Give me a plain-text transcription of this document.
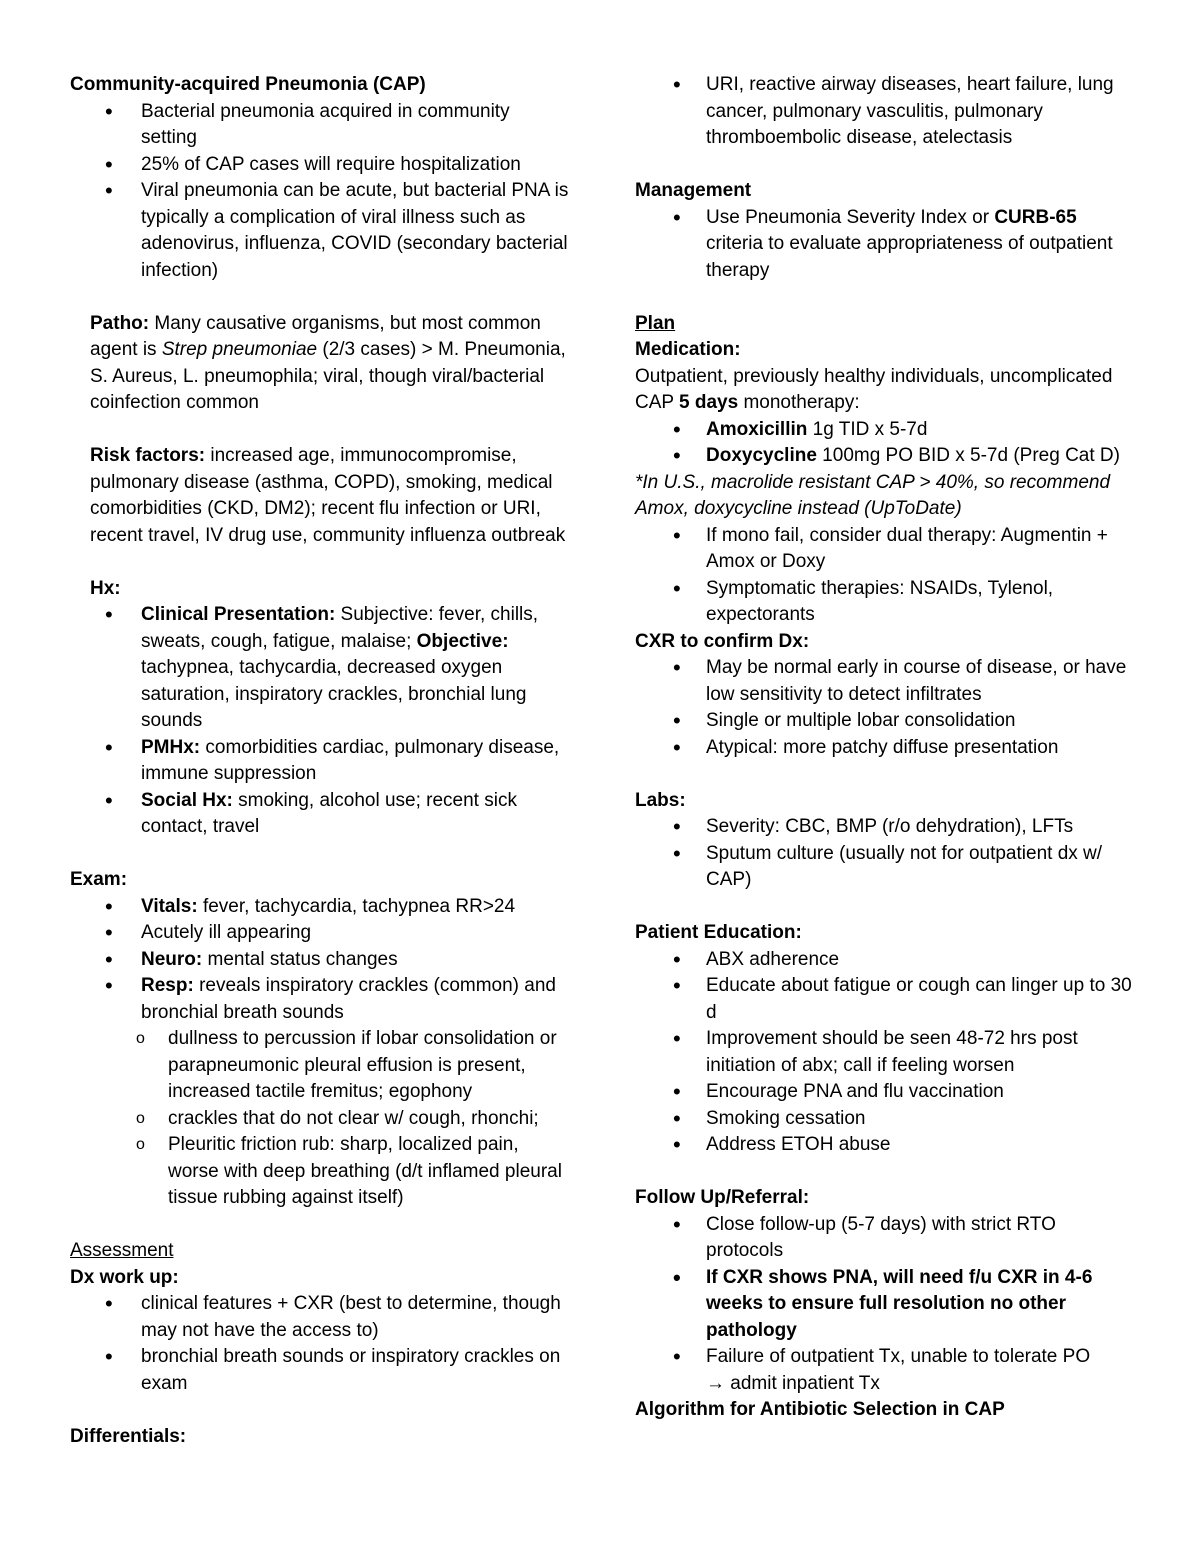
Community-acquired Pneumonia (CAP)

• Bacterial pneumonia acquired in community setting
• 25% of CAP cases will require hospitalization
• Viral pneumonia can be acute, but bacterial PNA is typically a complication of viral illness such as adenovirus, influenza, COVID (secondary bacterial infection)

Patho: Many causative organisms, but most common agent is Strep pneumoniae (2/3 cases) > M. Pneumonia, S. Aureus, L. pneumophila; viral, though viral/bacterial coinfection common

Risk factors: increased age, immunocompromise, pulmonary disease (asthma, COPD), smoking, medical comorbidities (CKD, DM2); recent flu infection or URI, recent travel, IV drug use, community influenza outbreak

Hx:

• Clinical Presentation: Subjective: fever, chills, sweats, cough, fatigue, malaise; Objective: tachypnea, tachycardia, decreased oxygen saturation, inspiratory crackles, bronchial lung sounds
• PMHx: comorbidities cardiac, pulmonary disease, immune suppression
• Social Hx: smoking, alcohol use; recent sick contact, travel

Exam:

• Vitals: fever, tachycardia, tachypnea RR>24
• Acutely ill appearing
• Neuro: mental status changes
• Resp: reveals inspiratory crackles (common) and bronchial breath sounds
o dullness to percussion if lobar consolidation or parapneumonic pleural effusion is present, increased tactile fremitus; egophony
o crackles that do not clear w/ cough, rhonchi;
o Pleuritic friction rub: sharp, localized pain, worse with deep breathing (d/t inflamed pleural tissue rubbing against itself)

Assessment

Dx work up:

• clinical features + CXR (best to determine, though may not have the access to)
• bronchial breath sounds or inspiratory crackles on exam

Differentials:

• URI, reactive airway diseases, heart failure, lung cancer, pulmonary vasculitis, pulmonary thromboembolic disease, atelectasis

Management

• Use Pneumonia Severity Index or CURB-65 criteria to evaluate appropriateness of outpatient therapy

Plan

Medication:

Outpatient, previously healthy individuals, uncomplicated CAP 5 days monotherapy:

• Amoxicillin 1g TID x 5-7d
• Doxycycline 100mg PO BID x 5-7d (Preg Cat D)

*In U.S., macrolide resistant CAP > 40%, so recommend Amox, doxycycline instead (UpToDate)

• If mono fail, consider dual therapy: Augmentin + Amox or Doxy
• Symptomatic therapies: NSAIDs, Tylenol, expectorants

CXR to confirm Dx:

• May be normal early in course of disease, or have low sensitivity to detect infiltrates
• Single or multiple lobar consolidation
• Atypical: more patchy diffuse presentation

Labs:

• Severity: CBC, BMP (r/o dehydration), LFTs
• Sputum culture (usually not for outpatient dx w/ CAP)

Patient Education:

• ABX adherence
• Educate about fatigue or cough can linger up to 30 d
• Improvement should be seen 48-72 hrs post initiation of abx; call if feeling worsen
• Encourage PNA and flu vaccination
• Smoking cessation
• Address ETOH abuse

Follow Up/Referral:

• Close follow-up (5-7 days) with strict RTO protocols
• If CXR shows PNA, will need f/u CXR in 4-6 weeks to ensure full resolution no other pathology
• Failure of outpatient Tx, unable to tolerate PO
→ admit inpatient Tx

Algorithm for Antibiotic Selection in CAP
